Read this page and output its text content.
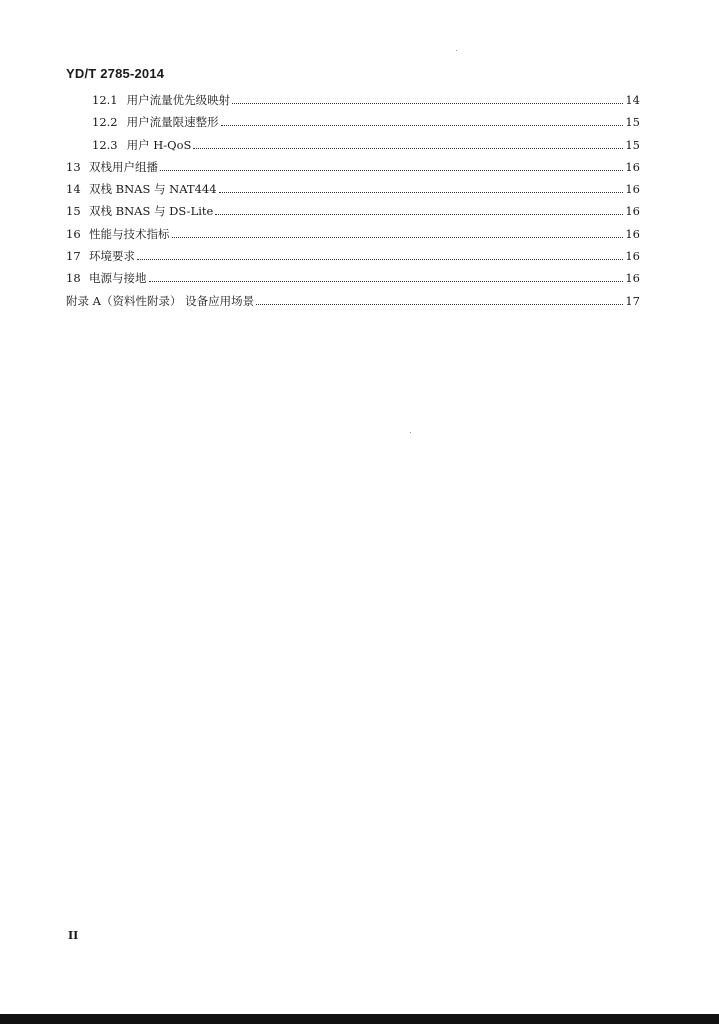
YD/T 2785-2014
12.1 用户流量优先级映射	14
12.2 用户流量限速整形	15
12.3 用户 H-QoS	15
13 双栈用户组播	16
14 双栈 BNAS 与 NAT444	16
15 双栈 BNAS 与 DS-Lite	16
16 性能与技术指标	16
17 环境要求	16
18 电源与接地	16
附录 A（资料性附录） 设备应用场景	17
II
